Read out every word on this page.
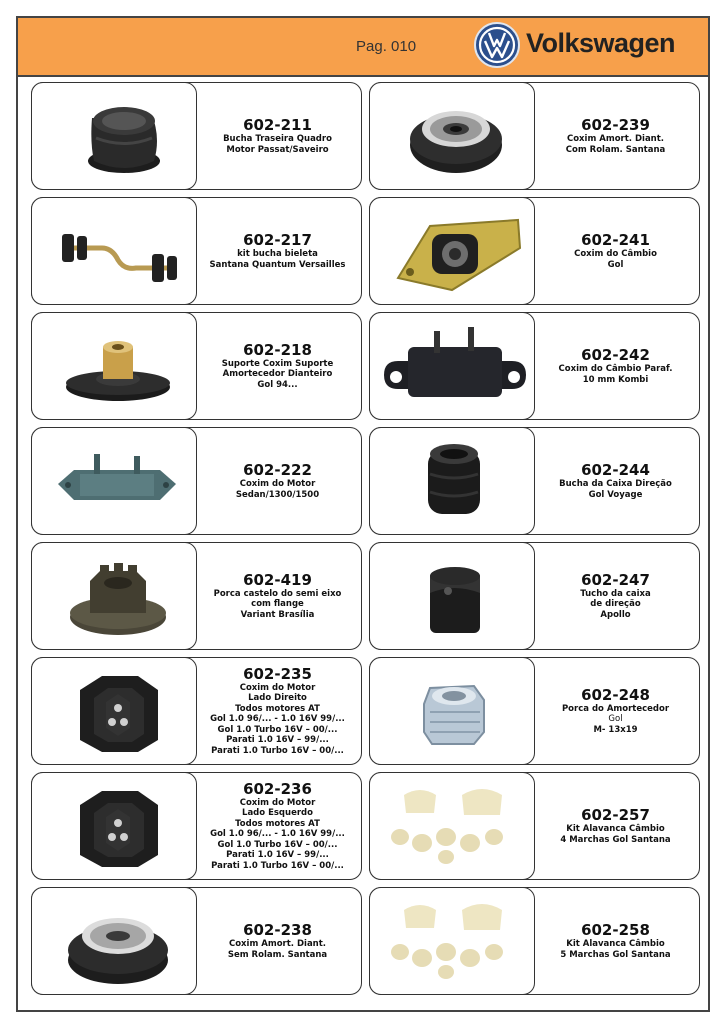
Pag. 010	Volkswagen
602-211
Bucha Traseira Quadro
Motor Passat/Saveiro
602-239
Coxim Amort. Diant.
Com Rolam. Santana
602-217
kit bucha bieleta
Santana Quantum Versailles
602-241
Coxim do Câmbio
Gol
602-218
Suporte Coxim Suporte
Amortecedor Dianteiro
Gol 94...
602-242
Coxim do Câmbio Paraf.
10 mm Kombi
602-222
Coxim do Motor
Sedan/1300/1500
602-244
Bucha da Caixa Direção
Gol Voyage
602-419
Porca castelo do semi eixo
com flange
Variant Brasília
602-247
Tucho da caixa
de direção
Apollo
602-235
Coxim do Motor
Lado Direito
Todos motores AT
Gol 1.0 96/... - 1.0 16V 99/...
Gol 1.0 Turbo 16V – 00/...
Parati 1.0 16V – 99/...
Parati 1.0 Turbo 16V – 00/...
602-248
Porca do Amortecedor
Gol
M- 13x19
602-236
Coxim do Motor
Lado Esquerdo
Todos motores AT
Gol 1.0 96/... - 1.0 16V 99/...
Gol 1.0 Turbo 16V – 00/...
Parati 1.0 16V – 99/...
Parati 1.0 Turbo 16V – 00/...
602-257
Kit Alavanca Câmbio
4 Marchas Gol Santana
602-238
Coxim Amort. Diant.
Sem Rolam. Santana
602-258
Kit Alavanca Câmbio
5 Marchas Gol Santana
